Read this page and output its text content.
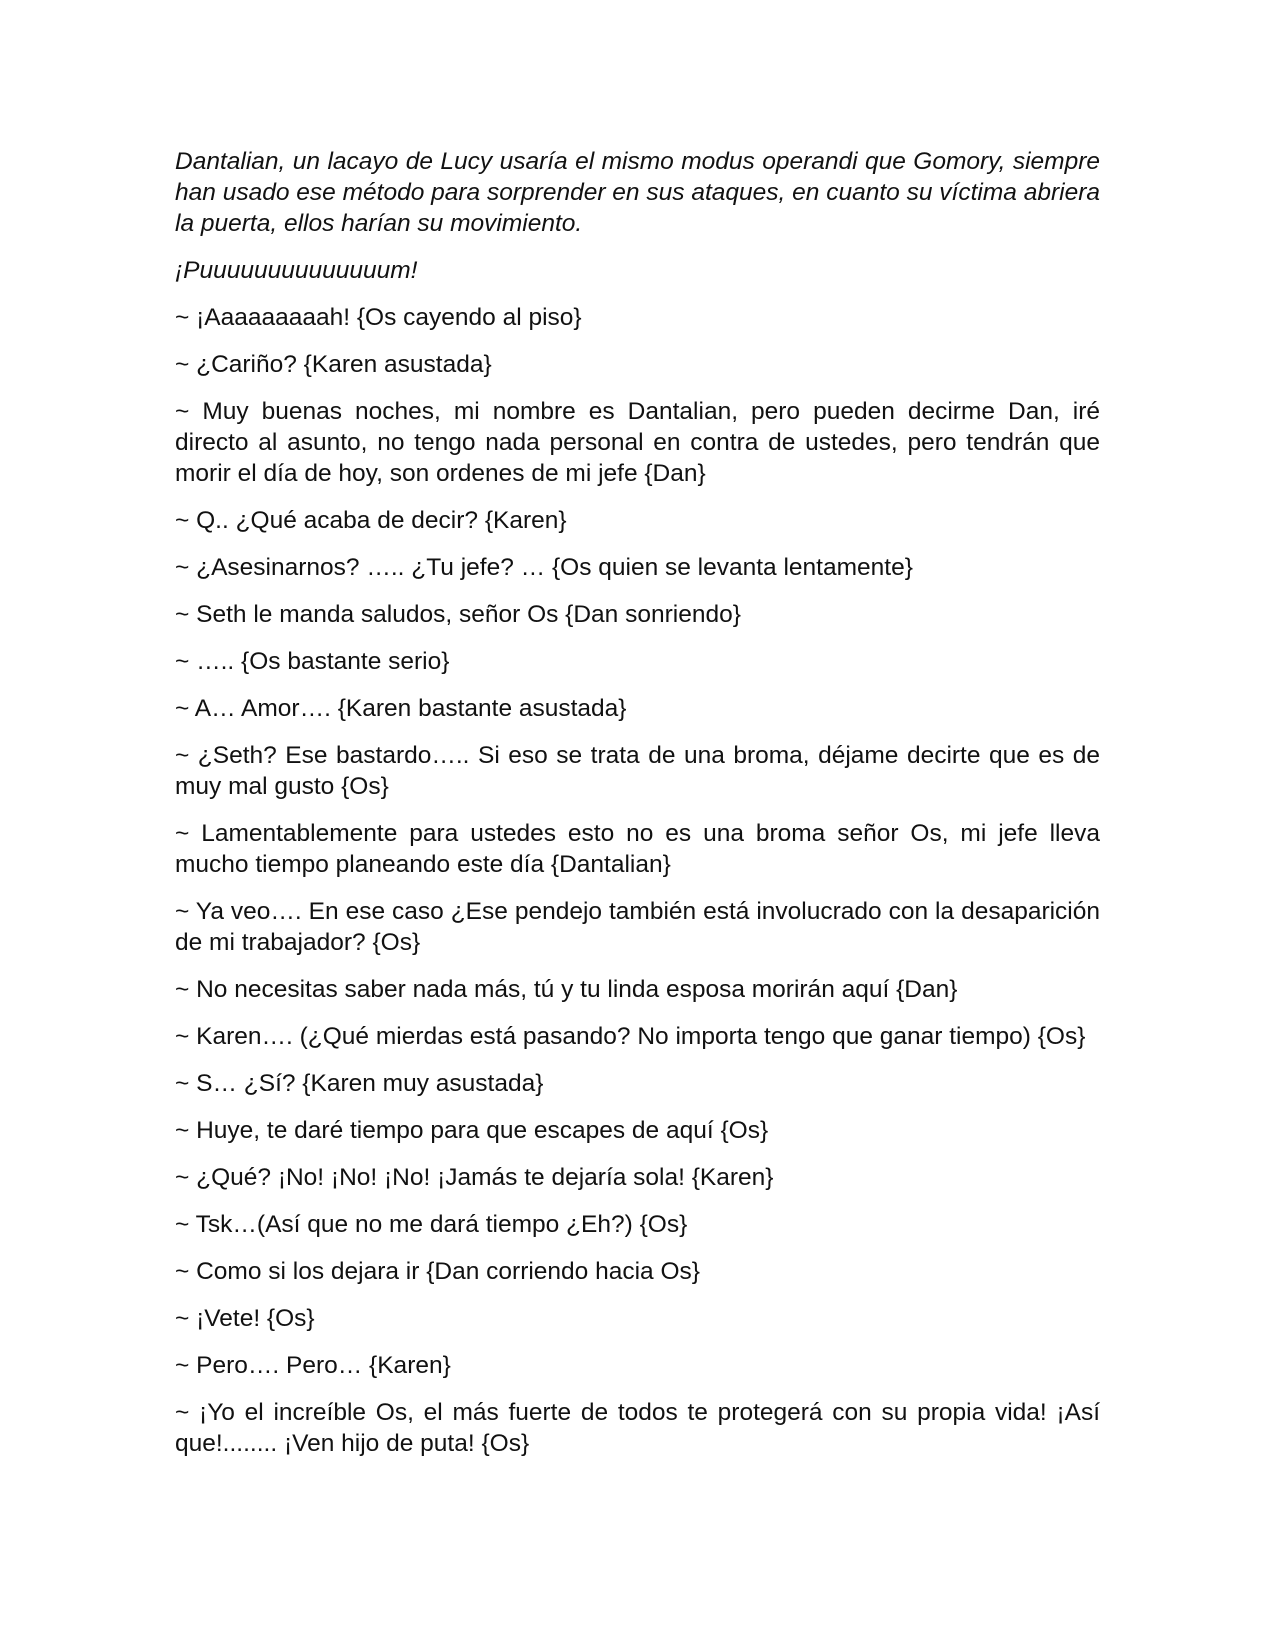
Dantalian, un lacayo de Lucy usaría el mismo modus operandi que Gomory, siempre han usado ese método para sorprender en sus ataques, en cuanto su víctima abriera la puerta, ellos harían su movimiento.

¡Puuuuuuuuuuuuuum!

~ ¡Aaaaaaaaah! {Os cayendo al piso}

~ ¿Cariño? {Karen asustada}

~ Muy buenas noches, mi nombre es Dantalian, pero pueden decirme Dan, iré directo al asunto, no tengo nada personal en contra de ustedes, pero tendrán que morir el día de hoy, son ordenes de mi jefe {Dan}

~ Q.. ¿Qué acaba de decir? {Karen}

~ ¿Asesinarnos? ….. ¿Tu jefe? … {Os quien se levanta lentamente}

~ Seth le manda saludos, señor Os {Dan sonriendo}

~ ….. {Os bastante serio}

~ A… Amor…. {Karen bastante asustada}

~ ¿Seth? Ese bastardo….. Si eso se trata de una broma, déjame decirte que es de muy mal gusto {Os}

~ Lamentablemente para ustedes esto no es una broma señor Os, mi jefe lleva mucho tiempo planeando este día {Dantalian}

~ Ya veo…. En ese caso ¿Ese pendejo también está involucrado con la desaparición de mi trabajador? {Os}

~ No necesitas saber nada más, tú y tu linda esposa morirán aquí {Dan}

~ Karen…. (¿Qué mierdas está pasando? No importa tengo que ganar tiempo) {Os}

~ S… ¿Sí? {Karen muy asustada}

~ Huye, te daré tiempo para que escapes de aquí {Os}

~ ¿Qué? ¡No! ¡No! ¡No! ¡Jamás te dejaría sola! {Karen}

~ Tsk…(Así que no me dará tiempo ¿Eh?) {Os}

~ Como si los dejara ir {Dan corriendo hacia Os}

~ ¡Vete! {Os}

~ Pero…. Pero… {Karen}

~ ¡Yo el increíble Os, el más fuerte de todos te protegerá con su propia vida! ¡Así que!........ ¡Ven hijo de puta! {Os}
